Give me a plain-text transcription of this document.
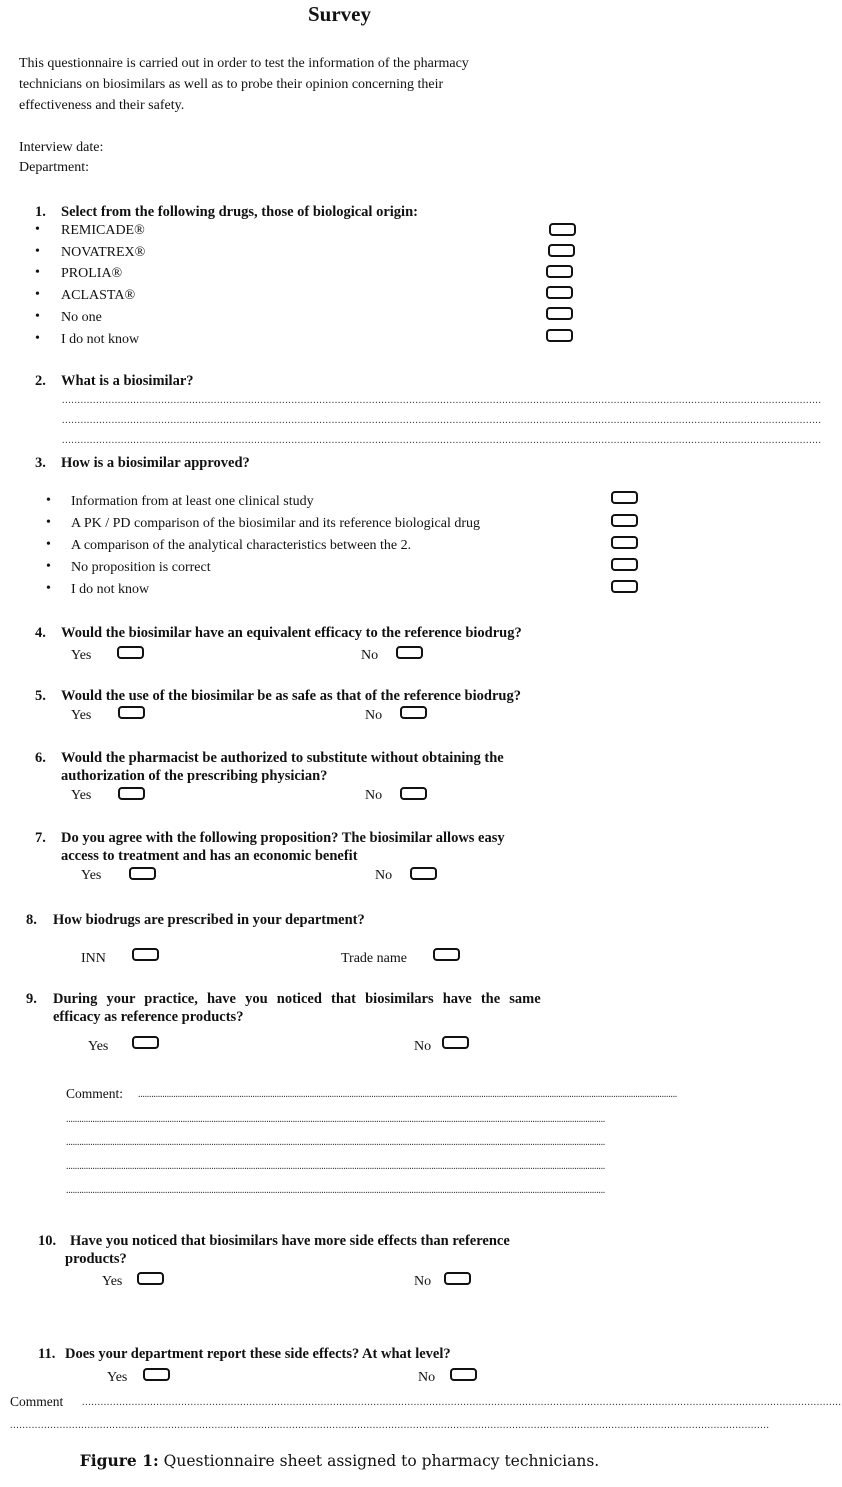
Survey
This questionnaire is carried out in order to test the information of the pharmacy
technicians on biosimilars as well as to probe their opinion concerning their
effectiveness and their safety.
Interview date:
Department:
1. Select from the following drugs, those of biological origin:
• REMICADE®
• NOVATREX®
• PROLIA®
• ACLASTA®
• No one
• I do not know
2. What is a biosimilar?
.....................................................................................................................................................................................................................................................
.....................................................................................................................................................................................................................................................
.....................................................................................................................................................................................................................................................
3. How is a biosimilar approved?
• Information from at least one clinical study
• A PK / PD comparison of the biosimilar and its reference biological drug
• A comparison of the analytical characteristics between the 2.
• No proposition is correct
• I do not know
4. Would the biosimilar have an equivalent efficacy to the reference biodrug?
Yes	No
5. Would the use of the biosimilar be as safe as that of the reference biodrug?
Yes	No
6. Would the pharmacist be authorized to substitute without obtaining the
authorization of the prescribing physician?
Yes	No
7. Do you agree with the following proposition? The biosimilar allows easy
access to treatment and has an economic benefit
Yes	No
8. How biodrugs are prescribed in your department?
INN	Trade name
9. During your practice, have you noticed that biosimilars have the same
efficacy as reference products?
Yes	No
Comment: .....................................................................................................................................................................................................................................................
.....................................................................................................................................................................................................................................................
.....................................................................................................................................................................................................................................................
.....................................................................................................................................................................................................................................................
.....................................................................................................................................................................................................................................................
10. Have you noticed that biosimilars have more side effects than reference
products?
Yes	No
11. Does your department report these side effects? At what level?
Yes	No
Comment .....................................................................................................................................................................................................................................................
.....................................................................................................................................................................................................................................................
Figure 1: Questionnaire sheet assigned to pharmacy technicians.
